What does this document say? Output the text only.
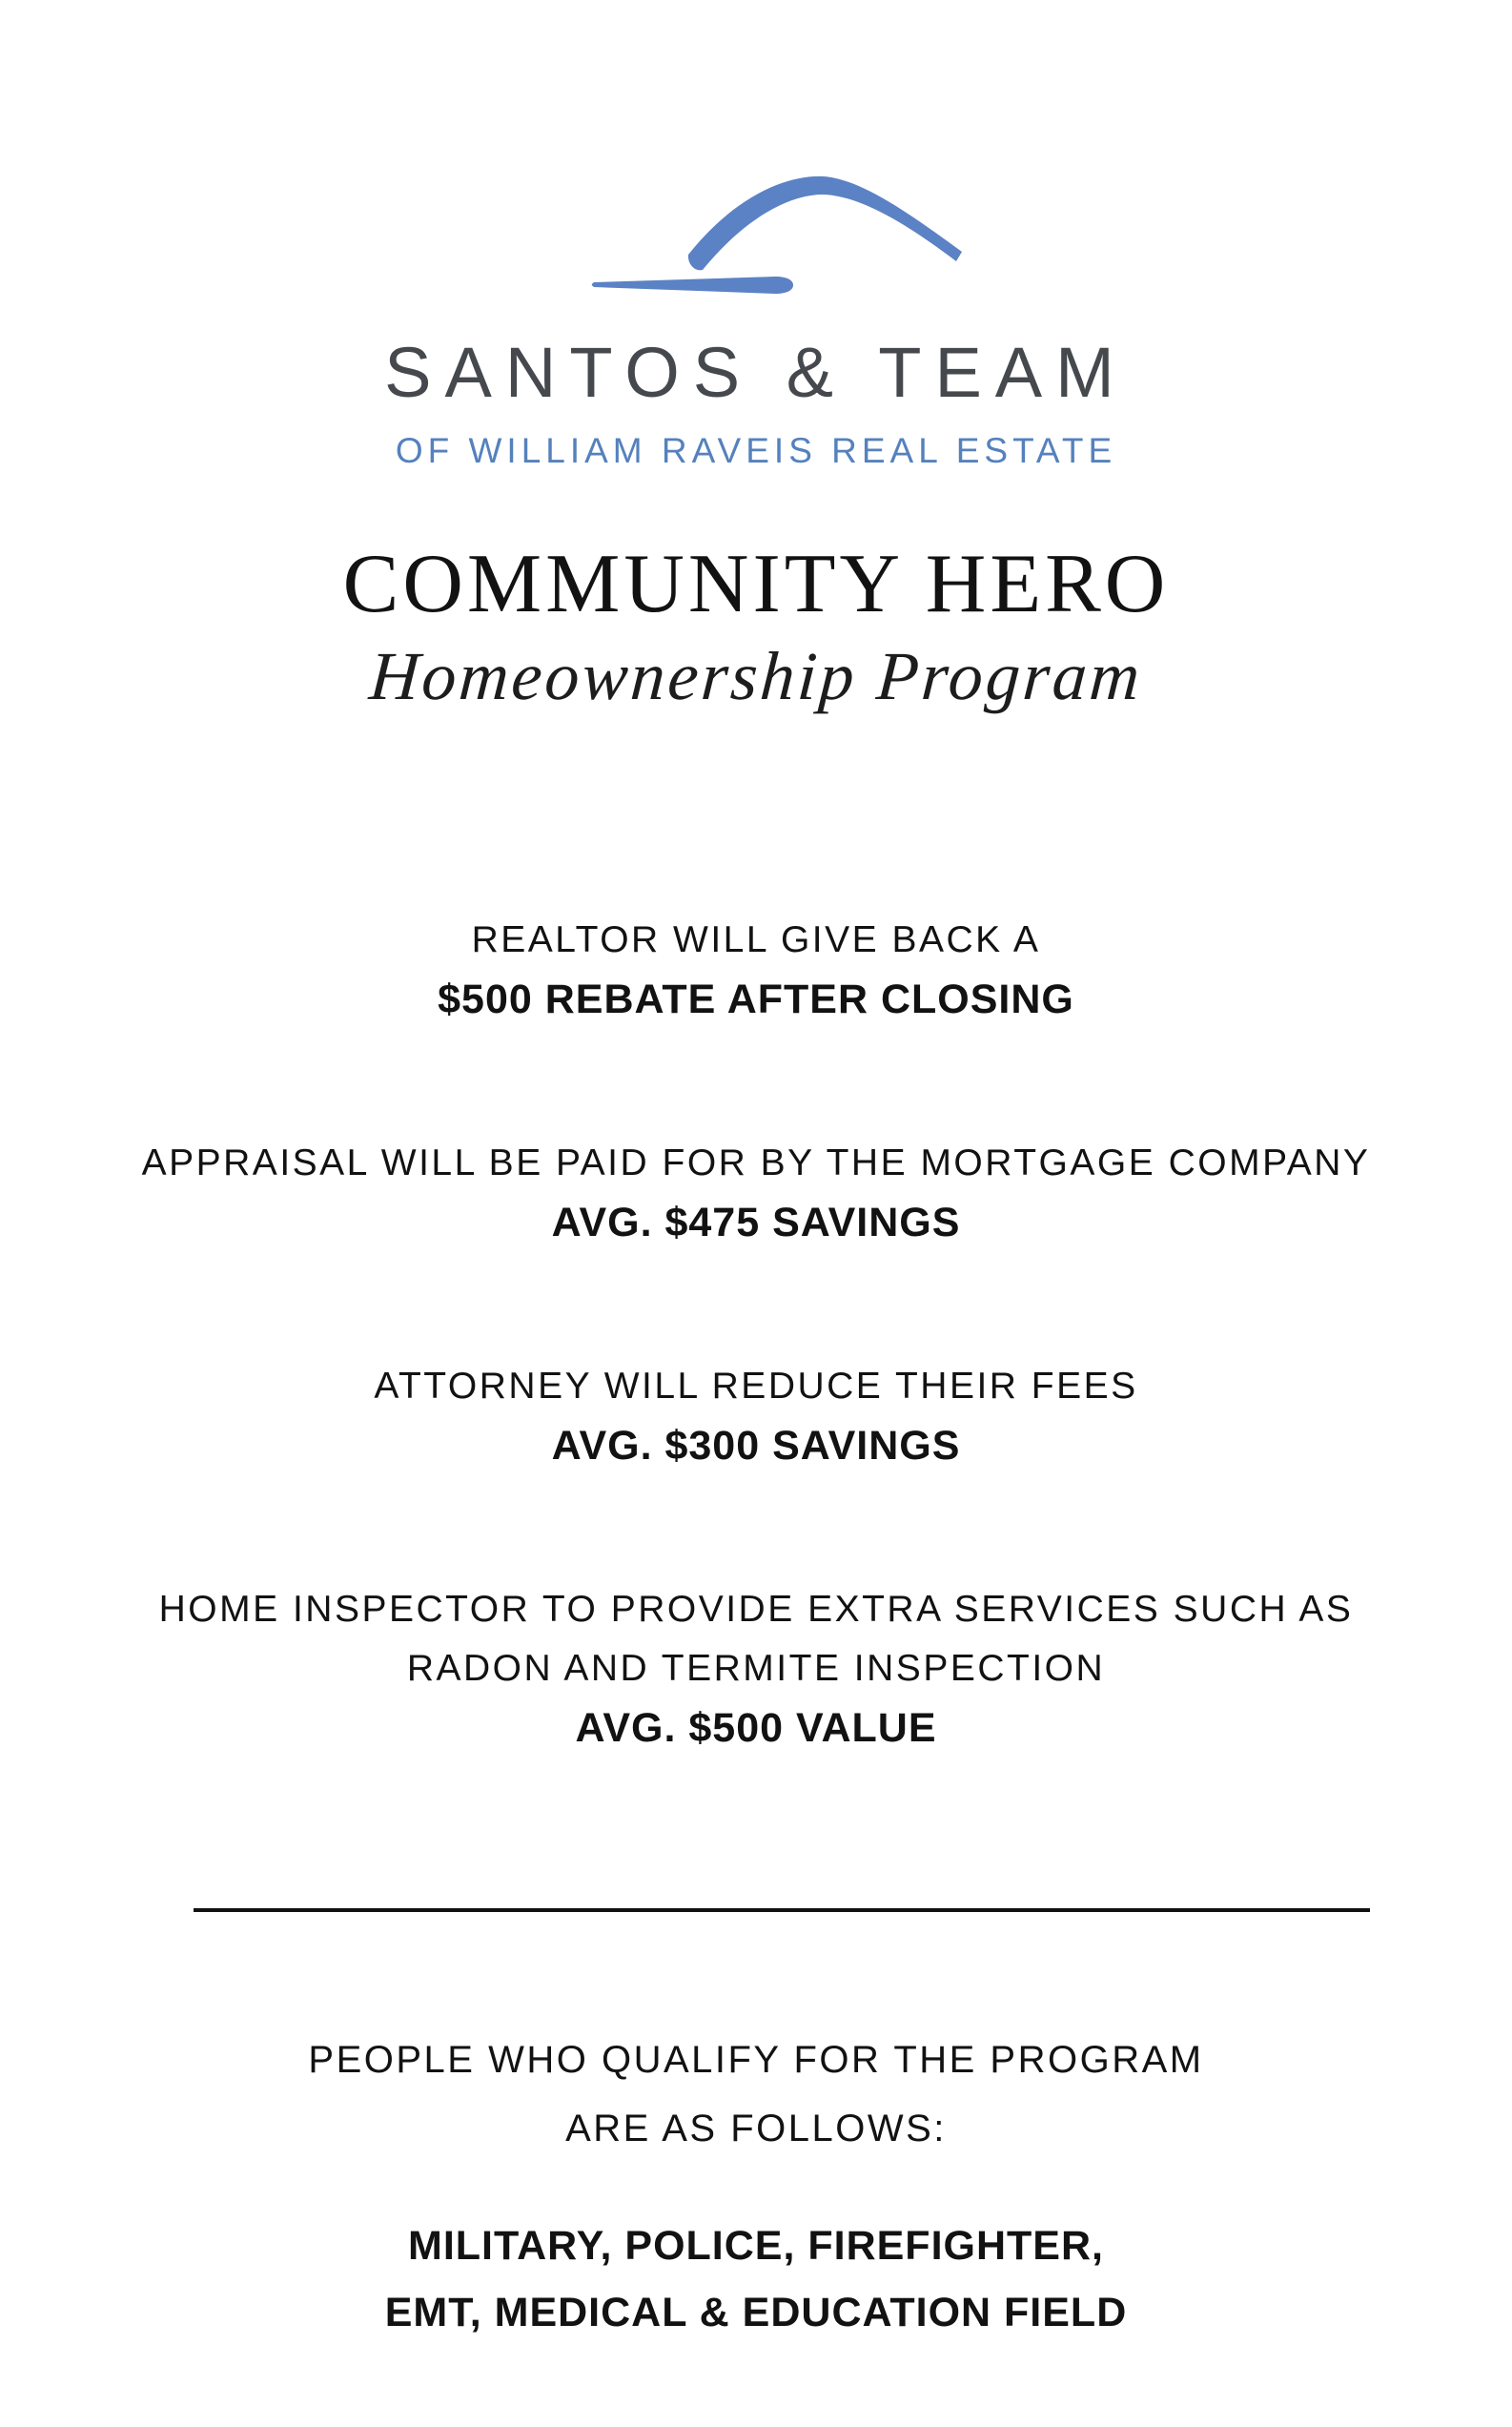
SANTOS & TEAM
OF WILLIAM RAVEIS REAL ESTATE
COMMUNITY HERO
Homeownership Program
REALTOR WILL GIVE BACK A
$500 REBATE AFTER CLOSING
APPRAISAL WILL BE PAID FOR BY THE MORTGAGE COMPANY
AVG. $475 SAVINGS
ATTORNEY WILL REDUCE THEIR FEES
AVG. $300 SAVINGS
HOME INSPECTOR TO PROVIDE EXTRA SERVICES SUCH AS
RADON AND TERMITE INSPECTION
AVG. $500 VALUE
PEOPLE WHO QUALIFY FOR THE PROGRAM
ARE AS FOLLOWS:
MILITARY, POLICE, FIREFIGHTER,
EMT, MEDICAL & EDUCATION FIELD
